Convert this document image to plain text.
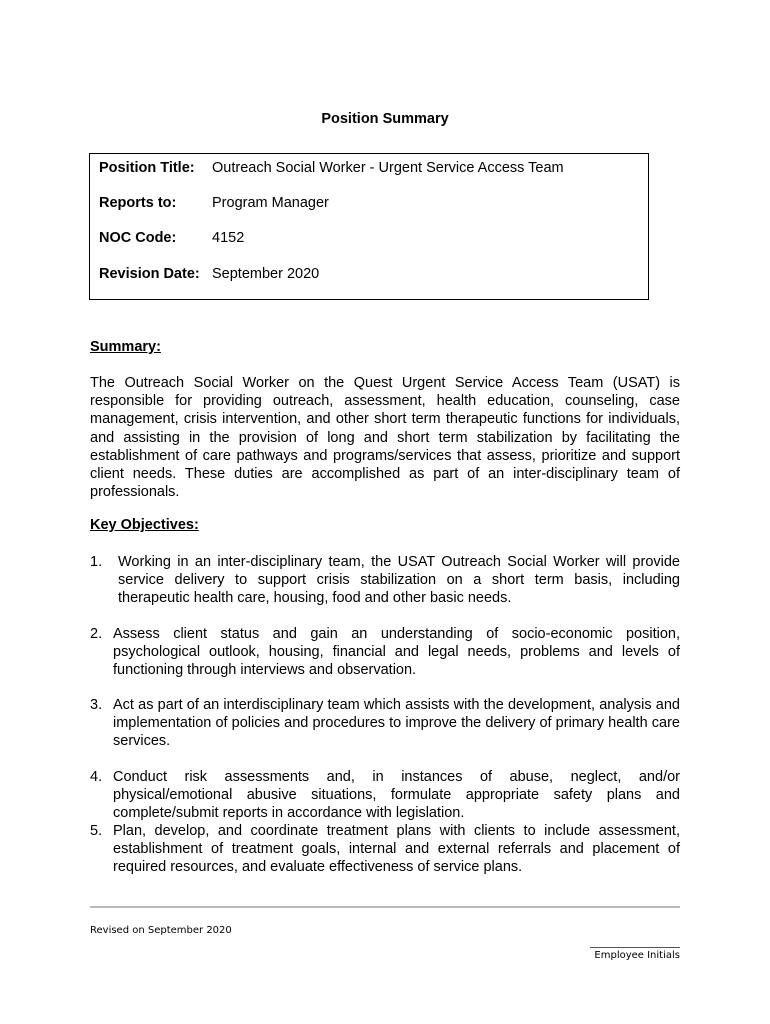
Position Summary
Position Title: Outreach Social Worker - Urgent Service Access Team
Reports to: Program Manager
NOC Code: 4152
Revision Date: September 2020
Summary:

The Outreach Social Worker on the Quest Urgent Service Access Team (USAT) is responsible for providing outreach, assessment, health education, counseling, case management, crisis intervention, and other short term therapeutic functions for individuals, and assisting in the provision of long and short term stabilization by facilitating the establishment of care pathways and programs/services that assess, prioritize and support client needs. These duties are accomplished as part of an inter-disciplinary team of professionals.

Key Objectives:
1. Working in an inter-disciplinary team, the USAT Outreach Social Worker will provide service delivery to support crisis stabilization on a short term basis, including therapeutic health care, housing, food and other basic needs.
2. Assess client status and gain an understanding of socio-economic position, psychological outlook, housing, financial and legal needs, problems and levels of functioning through interviews and observation.
3. Act as part of an interdisciplinary team which assists with the development, analysis and implementation of policies and procedures to improve the delivery of primary health care services.
4. Conduct risk assessments and, in instances of abuse, neglect, and/or physical/emotional abusive situations, formulate appropriate safety plans and complete/submit reports in accordance with legislation.
5. Plan, develop, and coordinate treatment plans with clients to include assessment, establishment of treatment goals, internal and external referrals and placement of required resources, and evaluate effectiveness of service plans.
Revised on September 2020
Employee Initials
